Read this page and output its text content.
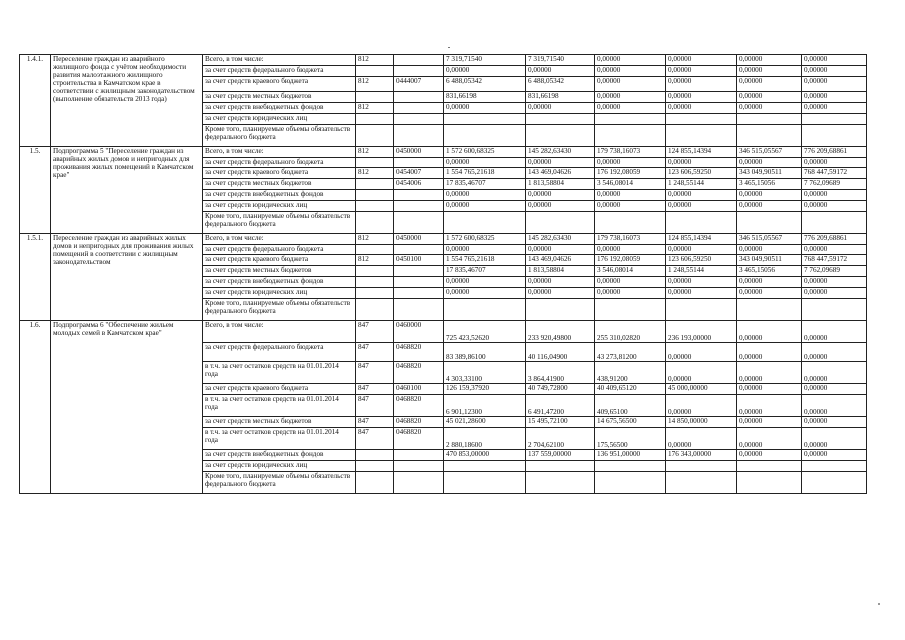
1.4.1.	Переселение граждан из аварийного жилищного фонда с учётом необходимости развития малоэтажного жилищного строительства в Камчатском крае в соответствии с жилищным законодательством (выполнение обязательств 2013 года)	Всего, в том числе:	812		7 319,71540	7 319,71540	0,00000	0,00000	0,00000	0,00000
		за счет средств федерального бюджета			0,00000	0,00000	0,00000	0,00000	0,00000	0,00000
		за счет средств краевого бюджета	812	0444007	6 488,05342	6 488,05342	0,00000	0,00000	0,00000	0,00000
		за счет средств местных бюджетов			831,66198	831,66198	0,00000	0,00000	0,00000	0,00000
		за счет средств внебюджетных фондов	812		0,00000	0,00000	0,00000	0,00000	0,00000	0,00000
		за счет средств юридических лиц								
		Кроме того, планируемые объемы обязательств федерального бюджета								
1.5.	Подпрограмма 5 "Переселение граждан из аварийных жилых домов и непригодных для проживания жилых помещений в Камчатском крае"	Всего, в том числе:	812	0450000	1 572 600,68325	145 282,63430	179 738,16073	124 855,14394	346 515,05567	776 209,68861
		за счет средств федерального бюджета			0,00000	0,00000	0,00000	0,00000	0,00000	0,00000
		за счет средств краевого бюджета	812	0454007	1 554 765,21618	143 469,04626	176 192,08059	123 606,59250	343 049,90511	768 447,59172
		за счет средств местных бюджетов		0454006	17 835,46707	1 813,58804	3 546,08014	1 248,55144	3 465,15056	7 762,09689
		за счет средств внебюджетных фондов			0,00000	0,00000	0,00000	0,00000	0,00000	0,00000
		за счет средств юридических лиц			0,00000	0,00000	0,00000	0,00000	0,00000	0,00000
		Кроме того, планируемые объемы обязательств федерального бюджета								
1.5.1.	Переселение граждан из аварийных жилых домов и непригодных для проживания жилых помещений в соответствии с жилищным законодательством	Всего, в том числе:	812	0450000	1 572 600,68325	145 282,63430	179 738,16073	124 855,14394	346 515,05567	776 209,68861
		за счет средств федерального бюджета			0,00000	0,00000	0,00000	0,00000	0,00000	0,00000
		за счет средств краевого бюджета	812	0450100	1 554 765,21618	143 469,04626	176 192,08059	123 606,59250	343 049,90511	768 447,59172
		за счет средств местных бюджетов			17 835,46707	1 813,58804	3 546,08014	1 248,55144	3 465,15056	7 762,09689
		за счет средств внебюджетных фондов			0,00000	0,00000	0,00000	0,00000	0,00000	0,00000
		за счет средств юридических лиц			0,00000	0,00000	0,00000	0,00000	0,00000	0,00000
		Кроме того, планируемые объемы обязательств федерального бюджета								
1.6.	Подпрограмма 6 "Обеспечение жильем молодых семей в Камчатском крае"	Всего, в том числе:	847	0460000	725 423,52620	233 920,49800	255 310,02820	236 193,00000	0,00000	0,00000
		за счет средств федерального бюджета	847	0468820	83 389,86100	40 116,04900	43 273,81200	0,00000	0,00000	0,00000
		в т.ч. за счет остатков средств на 01.01.2014 года	847	0468820	4 303,33100	3 864,41900	438,91200	0,00000	0,00000	0,00000
		за счет средств краевого бюджета	847	0460100	126 159,37920	40 749,72800	40 409,65120	45 000,00000	0,00000	0,00000
		в т.ч. за счет остатков средств на 01.01.2014 года	847	0468820	6 901,12300	6 491,47200	409,65100	0,00000	0,00000	0,00000
		за счет средств местных бюджетов	847	0468820	45 021,28600	15 495,72100	14 675,56500	14 850,00000	0,00000	0,00000
		в т.ч. за счет остатков средств на 01.01.2014 года	847	0468820	2 880,18600	2 704,62100	175,56500	0,00000	0,00000	0,00000
		за счет средств внебюджетных фондов			470 853,00000	137 559,00000	136 951,00000	176 343,00000	0,00000	0,00000
		за счет средств юридических лиц								
		Кроме того, планируемые объемы обязательств федерального бюджета								
